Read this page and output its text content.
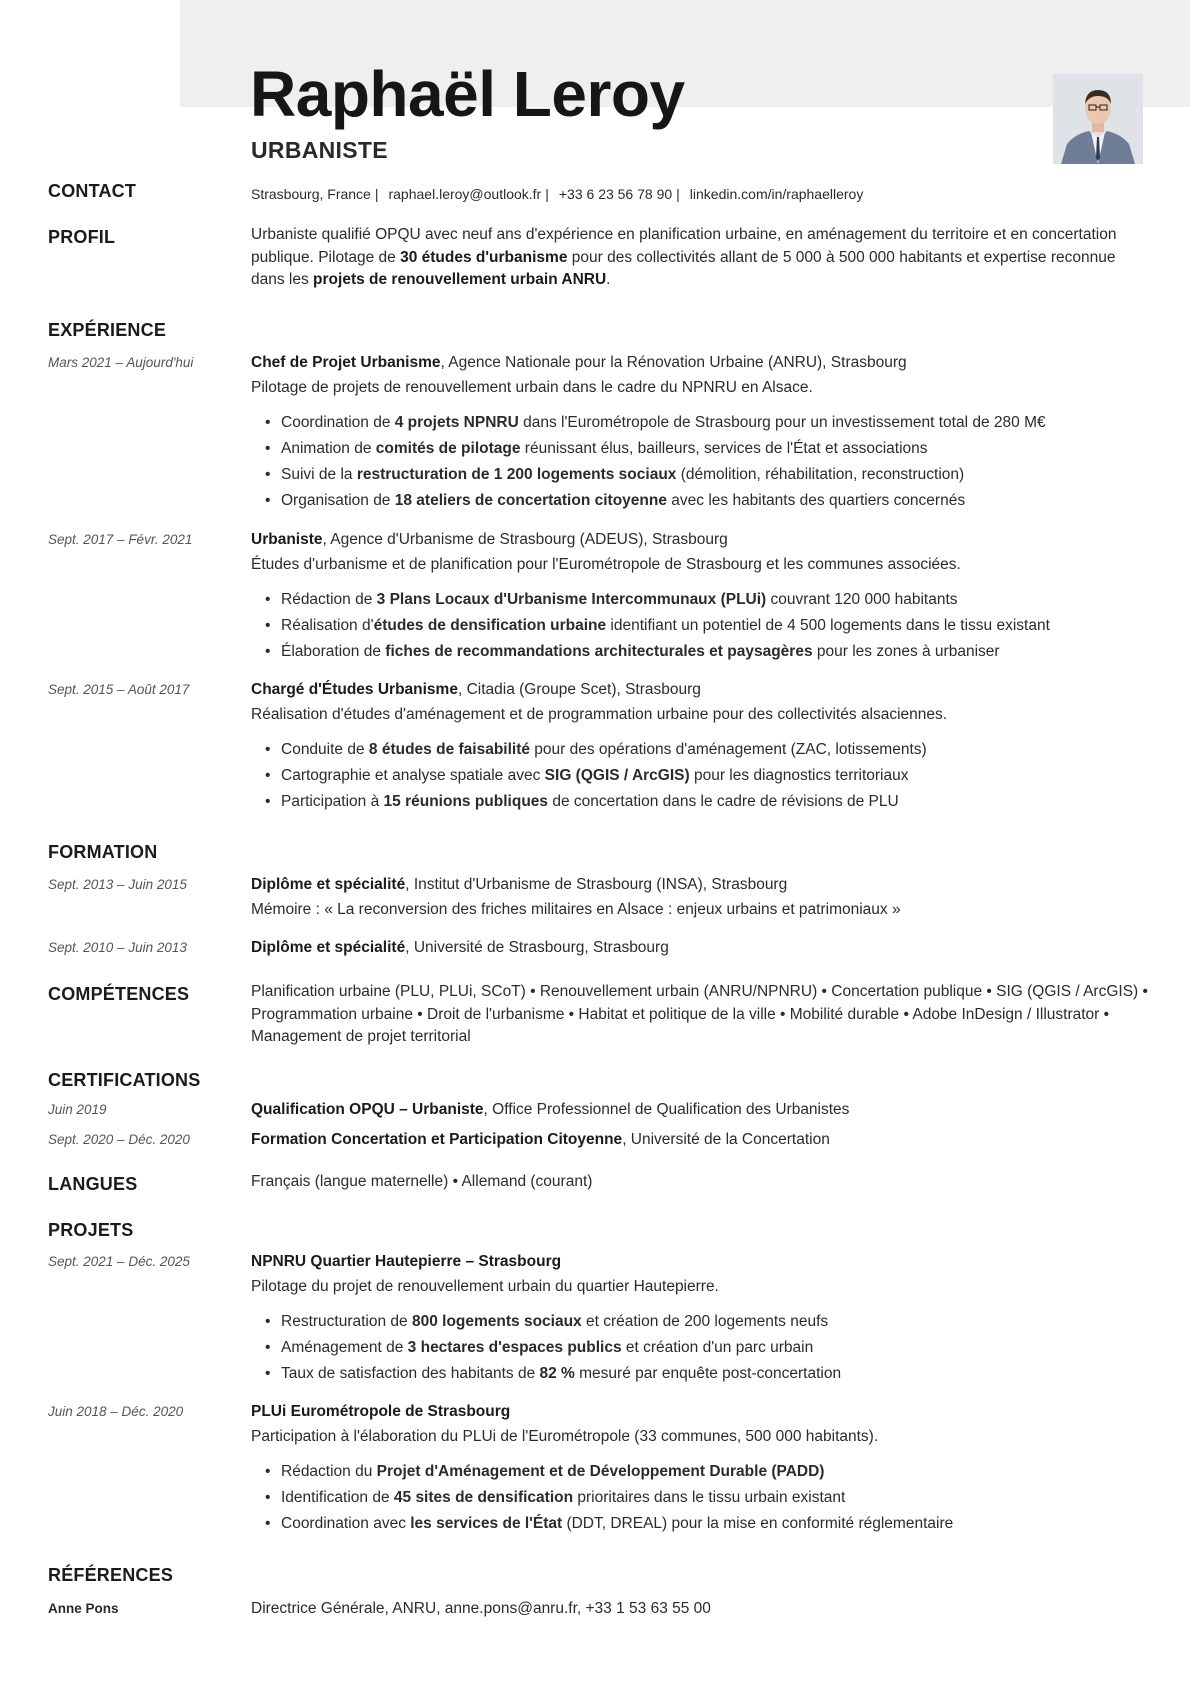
Raphaël Leroy
URBANISTE
CONTACT	Strasbourg, France | raphael.leroy@outlook.fr | +33 6 23 56 78 90 | linkedin.com/in/raphaelleroy
PROFIL	Urbaniste qualifié OPQU avec neuf ans d'expérience en planification urbaine, en aménagement du territoire et en concertation publique. Pilotage de 30 études d'urbanisme pour des collectivités allant de 5 000 à 500 000 habitants et expertise reconnue dans les projets de renouvellement urbain ANRU.
EXPÉRIENCE
Mars 2021 – Aujourd'hui	Chef de Projet Urbanisme, Agence Nationale pour la Rénovation Urbaine (ANRU), Strasbourg
Pilotage de projets de renouvellement urbain dans le cadre du NPNRU en Alsace.
• Coordination de 4 projets NPNRU dans l'Eurométropole de Strasbourg pour un investissement total de 280 M€
• Animation de comités de pilotage réunissant élus, bailleurs, services de l'État et associations
• Suivi de la restructuration de 1 200 logements sociaux (démolition, réhabilitation, reconstruction)
• Organisation de 18 ateliers de concertation citoyenne avec les habitants des quartiers concernés
Sept. 2017 – Févr. 2021	Urbaniste, Agence d'Urbanisme de Strasbourg (ADEUS), Strasbourg
Études d'urbanisme et de planification pour l'Eurométropole de Strasbourg et les communes associées.
• Rédaction de 3 Plans Locaux d'Urbanisme Intercommunaux (PLUi) couvrant 120 000 habitants
• Réalisation d'études de densification urbaine identifiant un potentiel de 4 500 logements dans le tissu existant
• Élaboration de fiches de recommandations architecturales et paysagères pour les zones à urbaniser
Sept. 2015 – Août 2017	Chargé d'Études Urbanisme, Citadia (Groupe Scet), Strasbourg
Réalisation d'études d'aménagement et de programmation urbaine pour des collectivités alsaciennes.
• Conduite de 8 études de faisabilité pour des opérations d'aménagement (ZAC, lotissements)
• Cartographie et analyse spatiale avec SIG (QGIS / ArcGIS) pour les diagnostics territoriaux
• Participation à 15 réunions publiques de concertation dans le cadre de révisions de PLU
FORMATION
Sept. 2013 – Juin 2015	Diplôme et spécialité, Institut d'Urbanisme de Strasbourg (INSA), Strasbourg
Mémoire : « La reconversion des friches militaires en Alsace : enjeux urbains et patrimoniaux »
Sept. 2010 – Juin 2013	Diplôme et spécialité, Université de Strasbourg, Strasbourg
COMPÉTENCES	Planification urbaine (PLU, PLUi, SCoT) • Renouvellement urbain (ANRU/NPNRU) • Concertation publique • SIG (QGIS / ArcGIS) • Programmation urbaine • Droit de l'urbanisme • Habitat et politique de la ville • Mobilité durable • Adobe InDesign / Illustrator • Management de projet territorial
CERTIFICATIONS
Juin 2019	Qualification OPQU – Urbaniste, Office Professionnel de Qualification des Urbanistes
Sept. 2020 – Déc. 2020	Formation Concertation et Participation Citoyenne, Université de la Concertation
LANGUES	Français (langue maternelle) • Allemand (courant)
PROJETS
Sept. 2021 – Déc. 2025	NPNRU Quartier Hautepierre – Strasbourg
Pilotage du projet de renouvellement urbain du quartier Hautepierre.
• Restructuration de 800 logements sociaux et création de 200 logements neufs
• Aménagement de 3 hectares d'espaces publics et création d'un parc urbain
• Taux de satisfaction des habitants de 82 % mesuré par enquête post-concertation
Juin 2018 – Déc. 2020	PLUi Eurométropole de Strasbourg
Participation à l'élaboration du PLUi de l'Eurométropole (33 communes, 500 000 habitants).
• Rédaction du Projet d'Aménagement et de Développement Durable (PADD)
• Identification de 45 sites de densification prioritaires dans le tissu urbain existant
• Coordination avec les services de l'État (DDT, DREAL) pour la mise en conformité réglementaire
RÉFÉRENCES
Anne Pons	Directrice Générale, ANRU, anne.pons@anru.fr, +33 1 53 63 55 00
